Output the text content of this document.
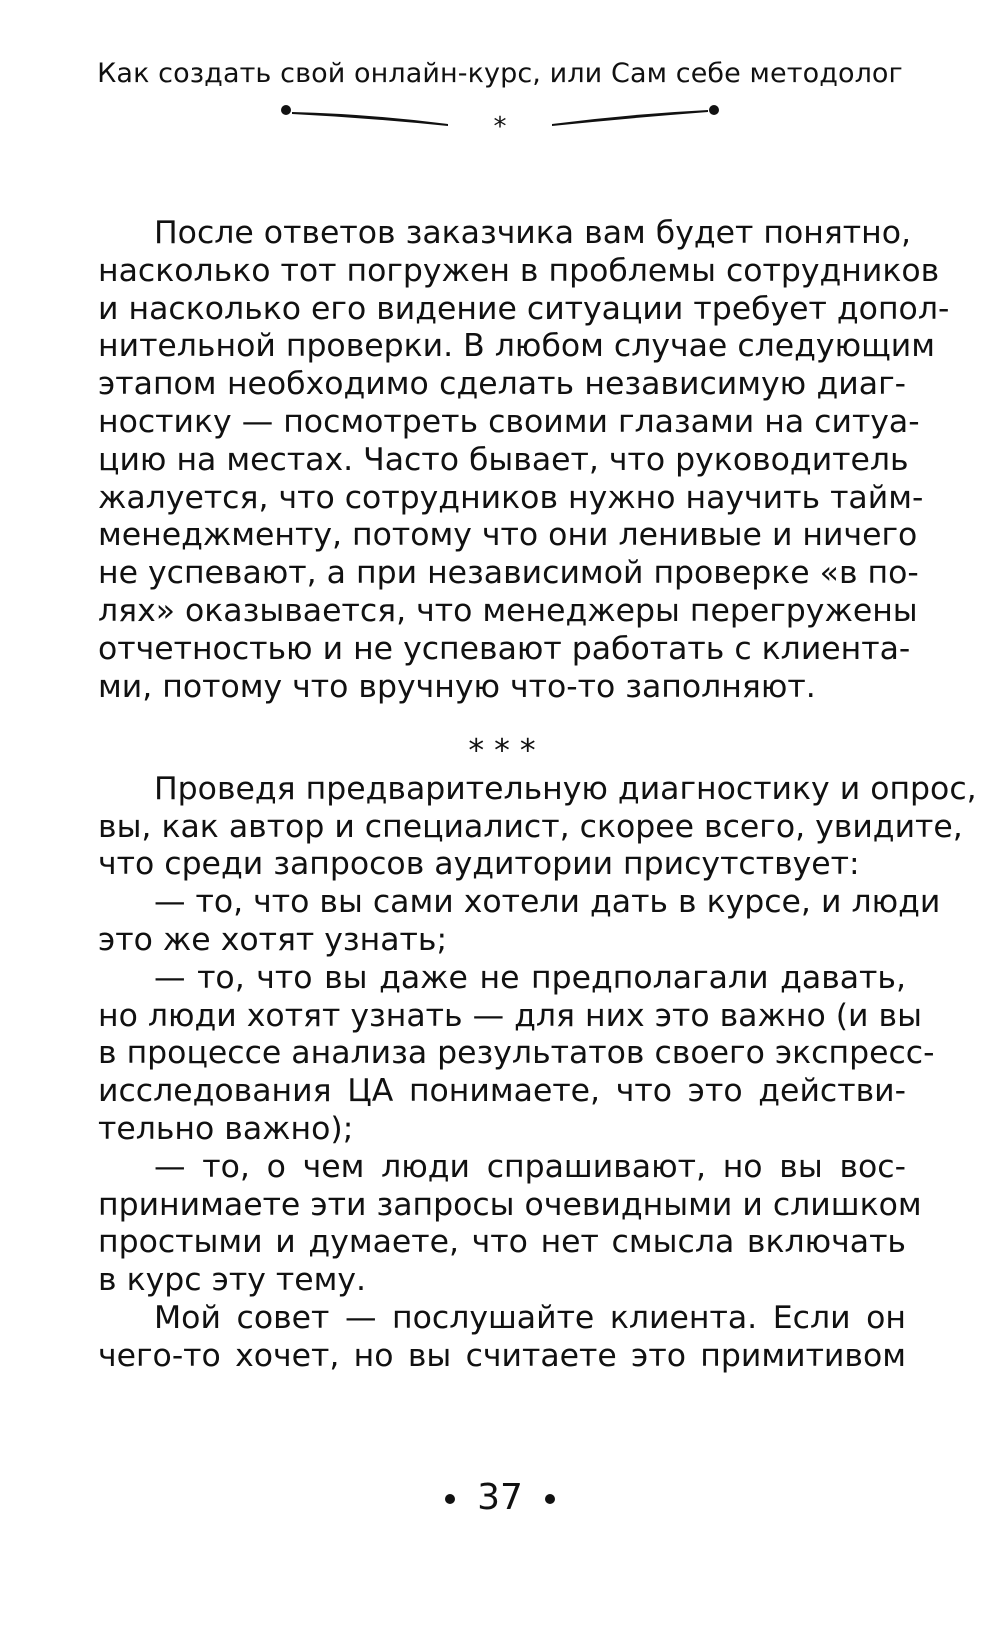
Как создать свой онлайн-курс, или Сам себе методолог
*
После ответов заказчика вам будет понятно,
насколько тот погружен в проблемы сотрудников
и насколько его видение ситуации требует допол-
нительной проверки. В любом случае следующим
этапом необходимо сделать независимую диаг-
ностику — посмотреть своими глазами на ситуа-
цию на местах. Часто бывает, что руководитель
жалуется, что сотрудников нужно научить тайм-
менеджменту, потому что они ленивые и ничего
не успевают, а при независимой проверке «в по-
лях» оказывается, что менеджеры перегружены
отчетностью и не успевают работать с клиента-
ми, потому что вручную что-то заполняют.
* * *
Проведя предварительную диагностику и опрос,
вы, как автор и специалист, скорее всего, увидите,
что среди запросов аудитории присутствует:
— то, что вы сами хотели дать в курсе, и люди
это же хотят узнать;
— то, что вы даже не предполагали давать,
но люди хотят узнать — для них это важно (и вы
в процессе анализа результатов своего экспресс-
исследования ЦА понимаете, что это действи-
тельно важно);
— то, о чем люди спрашивают, но вы вос-
принимаете эти запросы очевидными и слишком
простыми и думаете, что нет смысла включать
в курс эту тему.
Мой совет — послушайте клиента. Если он
чего-то хочет, но вы считаете это примитивом
37
